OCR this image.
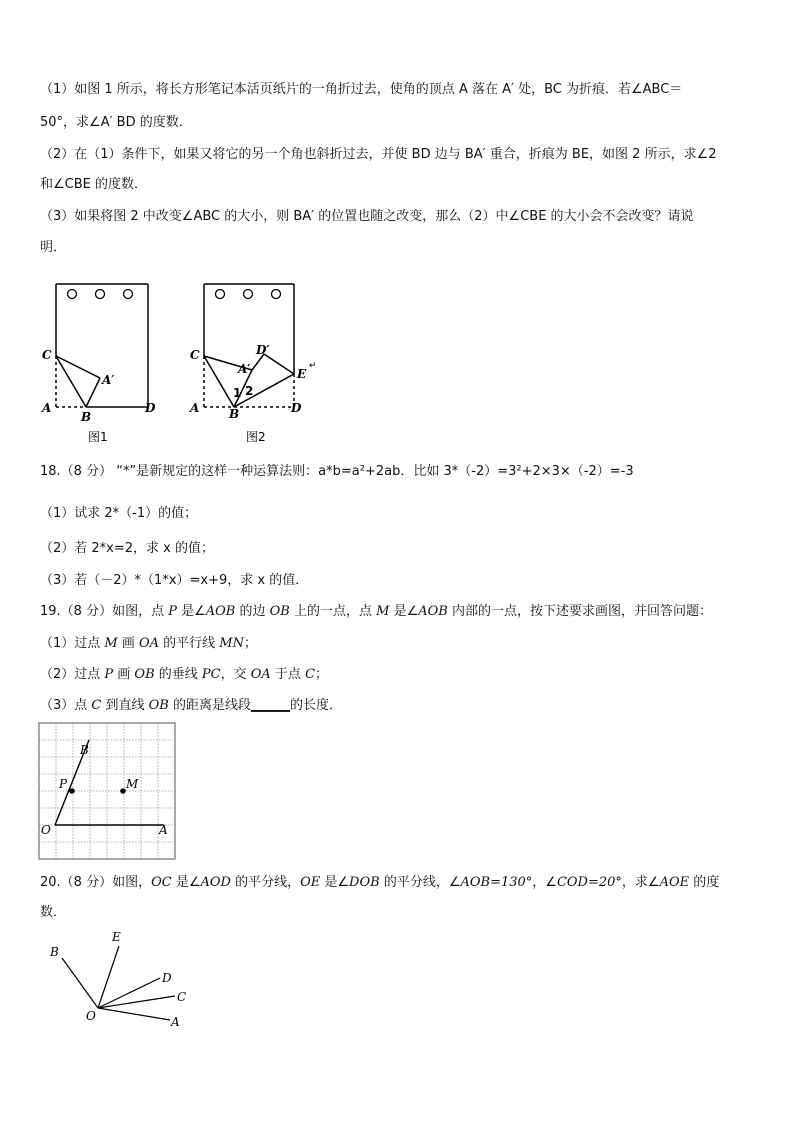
（1）如图 1 所示，将长方形笔记本活页纸片的一角折过去，使角的顶点 A 落在 A′ 处，BC 为折痕．若∠ABC＝
50°，求∠A′ BD 的度数．
（2）在（1）条件下，如果又将它的另一个角也斜折过去，并使 BD 边与 BA′ 重合，折痕为 BE，如图 2 所示，求∠2
和∠CBE 的度数．
（3）如果将图 2 中改变∠ABC 的大小，则 BA′ 的位置也随之改变，那么（2）中∠CBE 的大小会不会改变？请说
明．
C
A′
A
B
D
图1
C	D′
A′	E
↵
1 2
A B	D
图2
18.（8 分） “*”是新规定的这样一种运算法则：a*b=a²+2ab．比如 3*（-2）=3²+2×3×（-2）=-3
（1）试求 2*（-1）的值；
（2）若 2*x=2，求 x 的值；
（3）若（－2）*（1*x）=x+9，求 x 的值．
19.（8 分）如图，点 P 是∠AOB 的边 OB 上的一点，点 M 是∠AOB 内部的一点，按下述要求画图，并回答问题：
（1）过点 M 画 OA 的平行线 MN；
（2）过点 P 画 OB 的垂线 PC，交 OA 于点 C；
（3）点 C 到直线 OB 的距离是线段______的长度．
B
P	M
O	A
20.（8 分）如图，OC 是∠AOD 的平分线，OE 是∠DOB 的平分线，∠AOB=130°，∠COD=20°，求∠AOE 的度
数．
B
E
D
C
O	A
